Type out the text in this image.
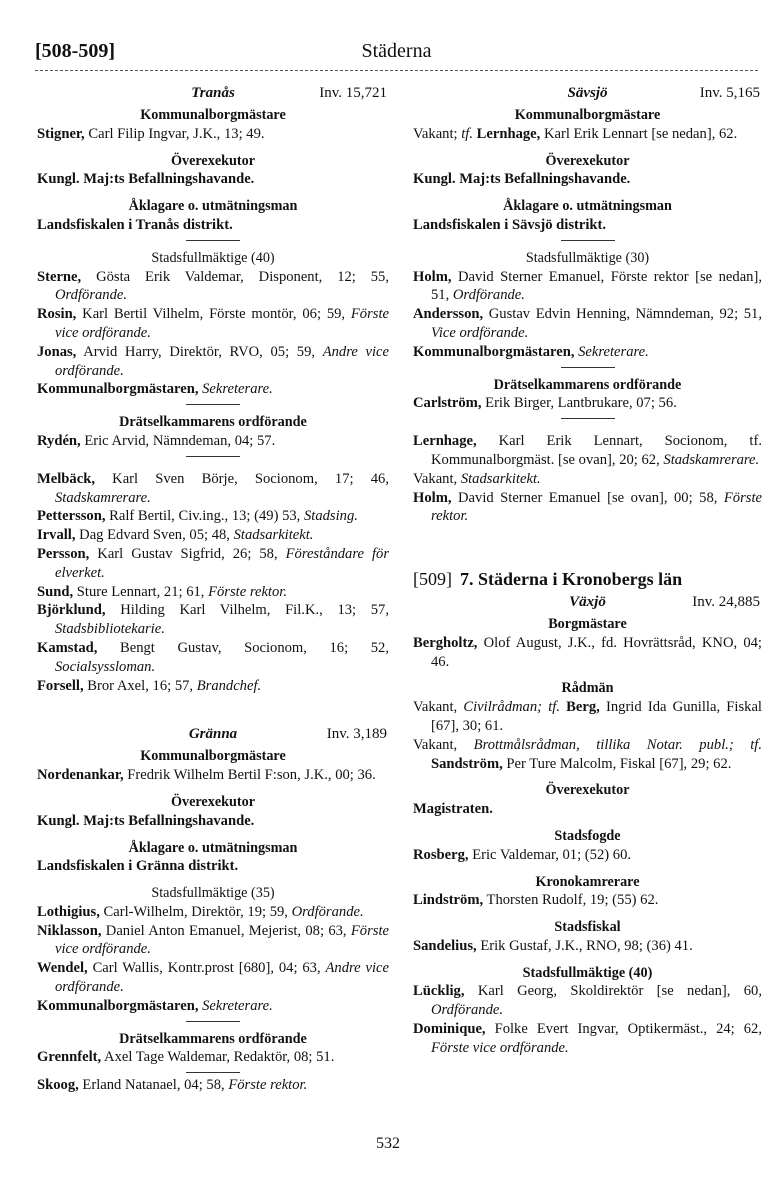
[508-509]	Städerna
Tranås	Inv. 15,721
Kommunalborgmästare
Stigner, Carl Filip Ingvar, J.K., 13; 49.
Överexekutor
Kungl. Maj:ts Befallningshavande.
Åklagare o. utmätningsman
Landsfiskalen i Tranås distrikt.
Stadsfullmäktige (40)
Sterne, Gösta Erik Valdemar, Disponent, 12; 55, Ordförande.
Rosin, Karl Bertil Vilhelm, Förste montör, 06; 59, Förste vice ordförande.
Jonas, Arvid Harry, Direktör, RVO, 05; 59, Andre vice ordförande.
Kommunalborgmästaren, Sekreterare.
Drätselkammarens ordförande
Rydén, Eric Arvid, Nämndeman, 04; 57.
Melbäck, Karl Sven Börje, Socionom, 17; 46, Stadskamrerare.
Pettersson, Ralf Bertil, Civ.ing., 13; (49) 53, Stadsing.
Irvall, Dag Edvard Sven, 05; 48, Stadsarkitekt.
Persson, Karl Gustav Sigfrid, 26; 58, Föreståndare för elverket.
Sund, Sture Lennart, 21; 61, Förste rektor.
Björklund, Hilding Karl Vilhelm, Fil.K., 13; 57, Stadsbibliotekarie.
Kamstad, Bengt Gustav, Socionom, 16; 52, Socialsyssloman.
Forsell, Bror Axel, 16; 57, Brandchef.
Gränna	Inv. 3,189
Kommunalborgmästare
Nordenankar, Fredrik Wilhelm Bertil F:son, J.K., 00; 36.
Överexekutor
Kungl. Maj:ts Befallningshavande.
Åklagare o. utmätningsman
Landsfiskalen i Gränna distrikt.
Stadsfullmäktige (35)
Lothigius, Carl-Wilhelm, Direktör, 19; 59, Ordförande.
Niklasson, Daniel Anton Emanuel, Mejerist, 08; 63, Förste vice ordförande.
Wendel, Carl Wallis, Kontr.prost [680], 04; 63, Andre vice ordförande.
Kommunalborgmästaren, Sekreterare.
Drätselkammarens ordförande
Grennfelt, Axel Tage Waldemar, Redaktör, 08; 51.
Skoog, Erland Natanael, 04; 58, Förste rektor.
Sävsjö	Inv. 5,165
Kommunalborgmästare
Vakant; tf. Lernhage, Karl Erik Lennart [se nedan], 62.
Överexekutor
Kungl. Maj:ts Befallningshavande.
Åklagare o. utmätningsman
Landsfiskalen i Sävsjö distrikt.
Stadsfullmäktige (30)
Holm, David Sterner Emanuel, Förste rektor [se nedan], 51, Ordförande.
Andersson, Gustav Edvin Henning, Nämndeman, 92; 51, Vice ordförande.
Kommunalborgmästaren, Sekreterare.
Drätselkammarens ordförande
Carlström, Erik Birger, Lantbrukare, 07; 56.
Lernhage, Karl Erik Lennart, Socionom, tf. Kommunalborgmäst. [se ovan], 20; 62, Stadskamrerare.
Vakant, Stadsarkitekt.
Holm, David Sterner Emanuel [se ovan], 00; 58, Förste rektor.
[509] 7. Städerna i Kronobergs län
Växjö	Inv. 24,885
Borgmästare
Bergholtz, Olof August, J.K., fd. Hovrättsråd, KNO, 04; 46.
Rådmän
Vakant, Civilrådman; tf. Berg, Ingrid Ida Gunilla, Fiskal [67], 30; 61.
Vakant, Brottmålsrådman, tillika Notar. publ.; tf. Sandström, Per Ture Malcolm, Fiskal [67], 29; 62.
Överexekutor
Magistraten.
Stadsfogde
Rosberg, Eric Valdemar, 01; (52) 60.
Kronokamrerare
Lindström, Thorsten Rudolf, 19; (55) 62.
Stadsfiskal
Sandelius, Erik Gustaf, J.K., RNO, 98; (36) 41.
Stadsfullmäktige (40)
Lücklig, Karl Georg, Skoldirektör [se nedan], 60, Ordförande.
Dominique, Folke Evert Ingvar, Optikermäst., 24; 62, Förste vice ordförande.
532
